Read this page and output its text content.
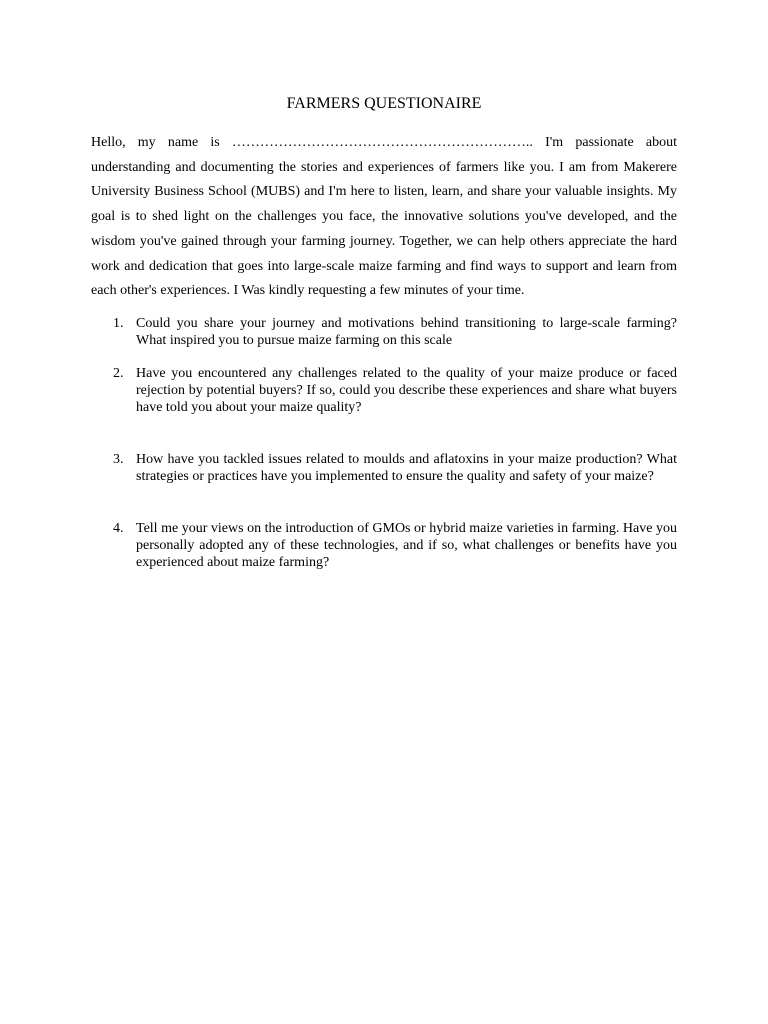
FARMERS QUESTIONAIRE

Hello, my name is ……………………………………………………….. I'm passionate about understanding and documenting the stories and experiences of farmers like you. I am from Makerere University Business School (MUBS) and I'm here to listen, learn, and share your valuable insights. My goal is to shed light on the challenges you face, the innovative solutions you've developed, and the wisdom you've gained through your farming journey. Together, we can help others appreciate the hard work and dedication that goes into large-scale maize farming and find ways to support and learn from each other's experiences. I Was kindly requesting a few minutes of your time.

1. Could you share your journey and motivations behind transitioning to large-scale farming? What inspired you to pursue maize farming on this scale
2. Have you encountered any challenges related to the quality of your maize produce or faced rejection by potential buyers? If so, could you describe these experiences and share what buyers have told you about your maize quality?
3. How have you tackled issues related to moulds and aflatoxins in your maize production? What strategies or practices have you implemented to ensure the quality and safety of your maize?
4. Tell me your views on the introduction of GMOs or hybrid maize varieties in farming. Have you personally adopted any of these technologies, and if so, what challenges or benefits have you experienced about maize farming?
